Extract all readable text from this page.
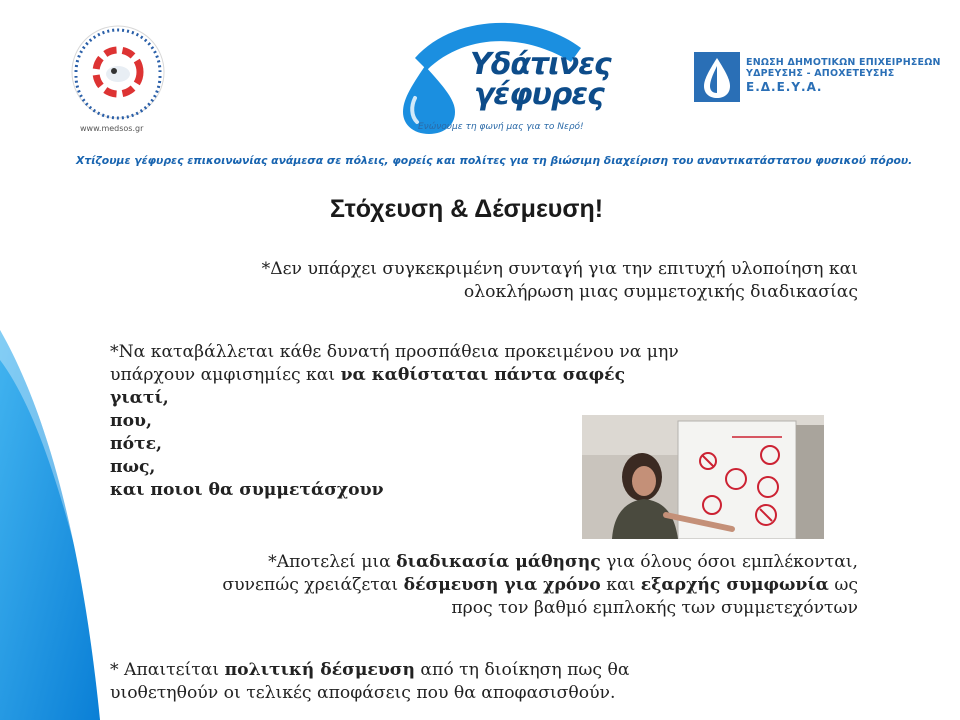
www.medsos.gr
Υδάτινες
γέφυρες
Ενώνουμε τη φωνή μας για το Νερό!
ΕΝΩΣΗ ΔΗΜΟΤΙΚΩΝ ΕΠΙΧΕΙΡΗΣΕΩΝ
ΥΔΡΕΥΣΗΣ - ΑΠΟΧΕΤΕΥΣΗΣ
Ε.Δ.Ε.Υ.Α.
Χτίζουμε γέφυρες επικοινωνίας ανάμεσα σε πόλεις, φορείς και πολίτες για τη βιώσιμη διαχείριση του αναντικατάστατου φυσικού πόρου.
Στόχευση & Δέσμευση!
*Δεν υπάρχει συγκεκριμένη συνταγή για την επιτυχή υλοποίηση και
ολοκλήρωση μιας συμμετοχικής διαδικασίας
*Να καταβάλλεται κάθε δυνατή προσπάθεια προκειμένου να μην
υπάρχουν αμφισημίες και να καθίσταται πάντα σαφές
γιατί,
που,
πότε,
πως,
και ποιοι θα συμμετάσχουν
*Αποτελεί μια διαδικασία μάθησης για όλους όσοι εμπλέκονται,
συνεπώς χρειάζεται δέσμευση για χρόνο και εξαρχής συμφωνία ως
προς τον βαθμό εμπλοκής των συμμετεχόντων
* Απαιτείται πολιτική δέσμευση από τη διοίκηση πως θα
υιοθετηθούν οι τελικές αποφάσεις που θα αποφασισθούν.
